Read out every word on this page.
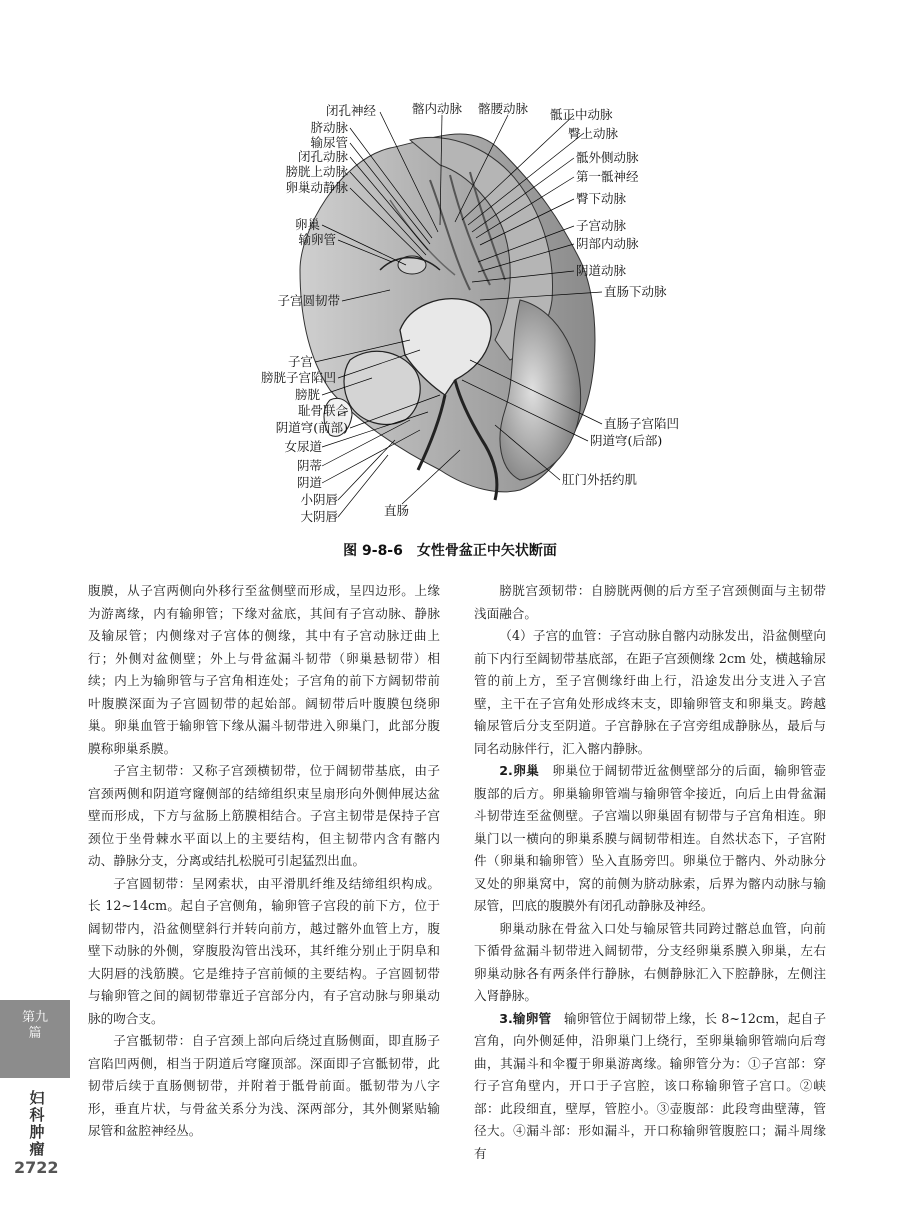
闭孔神经
脐动脉
输尿管
闭孔动脉
膀胱上动脉
卵巢动静脉
卵巢
输卵管
子宫圆韧带
子宫
膀胱子宫陷凹
膀胱
耻骨联合
阴道穹(前部)
女尿道
阴蒂
阴道
小阴唇
大阴唇
髂内动脉 髂腰动脉 骶正中动脉
臀上动脉
骶外侧动脉
第一骶神经
臀下动脉
子宫动脉
阴部内动脉
阴道动脉
直肠下动脉
直肠子宫陷凹
阴道穹(后部)
肛门外括约肌
直肠
图 9-8-6　女性骨盆正中矢状断面

腹膜，从子宫两侧向外移行至盆侧壁而形成，呈四边形。上缘为游离缘，内有输卵管；下缘对盆底，其间有子宫动脉、静脉及输尿管；内侧缘对子宫体的侧缘，其中有子宫动脉迂曲上行；外侧对盆侧壁；外上与骨盆漏斗韧带（卵巢悬韧带）相续；内上为输卵管与子宫角相连处；子宫角的前下方阔韧带前叶腹膜深面为子宫圆韧带的起始部。阔韧带后叶腹膜包绕卵巢。卵巢血管于输卵管下缘从漏斗韧带进入卵巢门，此部分腹膜称卵巢系膜。

子宫主韧带：又称子宫颈横韧带，位于阔韧带基底，由子宫颈两侧和阴道穹窿侧部的结缔组织束呈扇形向外侧伸展达盆壁而形成，下方与盆肠上筋膜相结合。子宫主韧带是保持子宫颈位于坐骨棘水平面以上的主要结构，但主韧带内含有髂内动、静脉分支，分离或结扎松脱可引起猛烈出血。

子宫圆韧带：呈网索状，由平滑肌纤维及结缔组织构成。长 12~14cm。起自子宫侧角，输卵管子宫段的前下方，位于阔韧带内，沿盆侧壁斜行并转向前方，越过髂外血管上方，腹壁下动脉的外侧，穿腹股沟管出浅环，其纤维分别止于阴阜和大阴唇的浅筋膜。它是维持子宫前倾的主要结构。子宫圆韧带与输卵管之间的阔韧带靠近子宫部分内，有子宫动脉与卵巢动脉的吻合支。

子宫骶韧带：自子宫颈上部向后绕过直肠侧面，即直肠子宫陷凹两侧，相当于阴道后穹窿顶部。深面即子宫骶韧带，此韧带后续于直肠侧韧带，并附着于骶骨前面。骶韧带为八字形，垂直片状，与骨盆关系分为浅、深两部分，其外侧紧贴输尿管和盆腔神经丛。

膀胱宫颈韧带：自膀胱两侧的后方至子宫颈侧面与主韧带浅面融合。

（4）子宫的血管：子宫动脉自髂内动脉发出，沿盆侧壁向前下内行至阔韧带基底部，在距子宫颈侧缘 2cm 处，横越输尿管的前上方，至子宫侧缘纡曲上行，沿途发出分支进入子宫壁，主干在子宫角处形成终末支，即输卵管支和卵巢支。跨越输尿管后分支至阴道。子宫静脉在子宫旁组成静脉丛，最后与同名动脉伴行，汇入髂内静脉。

2.卵巢　 卵巢位于阔韧带近盆侧壁部分的后面，输卵管壶腹部的后方。卵巢输卵管端与输卵管伞接近，向后上由骨盆漏斗韧带连至盆侧壁。子宫端以卵巢固有韧带与子宫角相连。卵巢门以一横向的卵巢系膜与阔韧带相连。自然状态下，子宫附件（卵巢和输卵管）坠入直肠旁凹。卵巢位于髂内、外动脉分叉处的卵巢窝中，窝的前侧为脐动脉索，后界为髂内动脉与输尿管，凹底的腹膜外有闭孔动静脉及神经。

卵巢动脉在骨盆入口处与输尿管共同跨过髂总血管，向前下循骨盆漏斗韧带进入阔韧带，分支经卵巢系膜入卵巢，左右卵巢动脉各有两条伴行静脉，右侧静脉汇入下腔静脉，左侧注入肾静脉。

3.输卵管　 输卵管位于阔韧带上缘，长 8~12cm，起自子宫角，向外侧延伸，沿卵巢门上绕行，至卵巢输卵管端向后弯曲，其漏斗和伞覆于卵巢游离缘。输卵管分为：①子宫部：穿行子宫角壁内，开口于子宫腔，该口称输卵管子宫口。②峡部：此段细直，壁厚，管腔小。③壶腹部：此段弯曲壁薄，管径大。④漏斗部：形如漏斗，开口称输卵管腹腔口；漏斗周缘有

第九
篇
妇科肿瘤
2722
